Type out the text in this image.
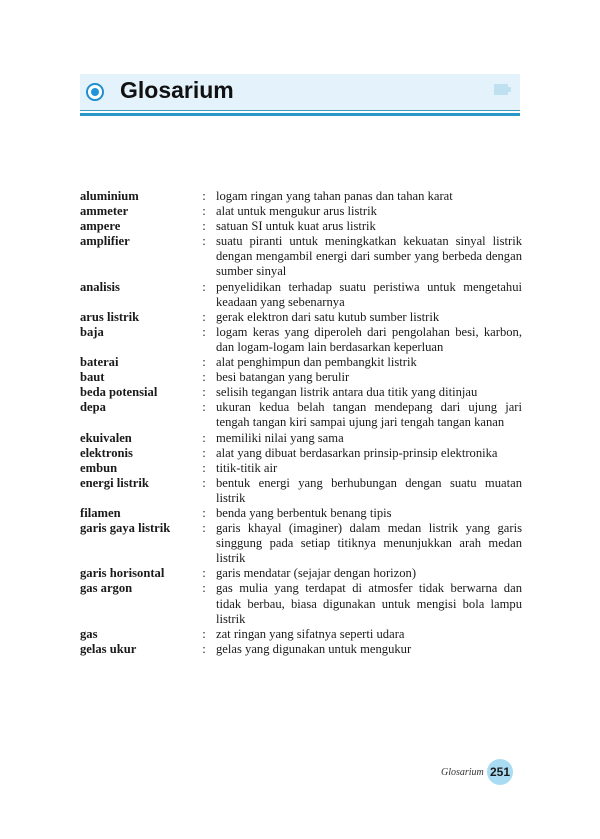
Glosarium
aluminium	: logam ringan yang tahan panas dan tahan karat
ammeter	: alat untuk mengukur arus listrik
ampere	: satuan SI untuk kuat arus listrik
amplifier	: suatu piranti untuk meningkatkan kekuatan sinyal listrik dengan mengambil energi dari sumber yang berbeda dengan sumber sinyal
analisis	: penyelidikan terhadap suatu peristiwa untuk mengetahui keadaan yang sebenarnya
arus listrik	: gerak elektron dari satu kutub sumber listrik
baja	: logam keras yang diperoleh dari pengolahan besi, karbon, dan logam-logam lain berdasarkan keperluan
baterai	: alat penghimpun dan pembangkit listrik
baut	: besi batangan yang berulir
beda potensial	: selisih tegangan listrik antara dua titik yang ditinjau
depa	: ukuran kedua belah tangan mendepang dari ujung jari tengah tangan kiri sampai ujung jari tengah tangan kanan
ekuivalen	: memiliki nilai yang sama
elektronis	: alat yang dibuat berdasarkan prinsip-prinsip elektronika
embun	: titik-titik air
energi listrik	: bentuk energi yang berhubungan dengan suatu muatan listrik
filamen	: benda yang berbentuk benang tipis
garis gaya listrik	: garis khayal (imaginer) dalam medan listrik yang garis singgung pada setiap titiknya menunjukkan arah medan listrik
garis horisontal	: garis mendatar (sejajar dengan horizon)
gas argon	: gas mulia yang terdapat di atmosfer tidak berwarna dan tidak berbau, biasa digunakan untuk mengisi bola lampu listrik
gas	: zat ringan yang sifatnya seperti udara
gelas ukur	: gelas yang digunakan untuk mengukur
Glosarium 251
